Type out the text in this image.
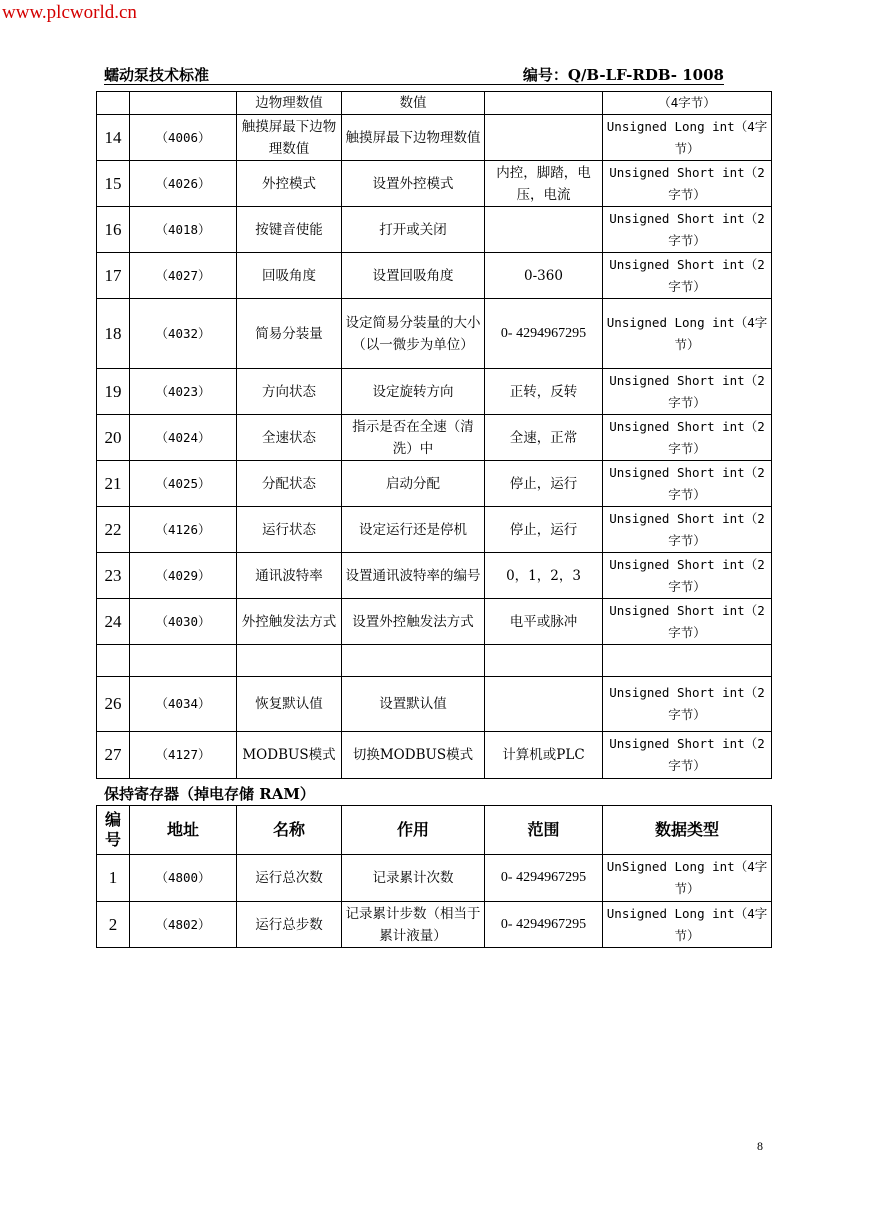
www.plcworld.cn
蠕动泵技术标准	编号：Q/B-LF-RDB- 1008
		边物理数值	数值		（4字节）
14	（4006）	触摸屏最下边物理数值	触摸屏最下边物理数值		Unsigned Long int（4字节）
15	（4026）	外控模式	设置外控模式	内控，脚踏，电压，电流	Unsigned Short int（2字节）
16	（4018）	按键音使能	打开或关闭		Unsigned Short int（2字节）
17	（4027）	回吸角度	设置回吸角度	0-360	Unsigned Short int（2字节）
18	（4032）	简易分装量	设定简易分装量的大小（以一微步为单位）	0- 4294967295	Unsigned Long int（4字节）
19	（4023）	方向状态	设定旋转方向	正转，反转	Unsigned Short int（2字节）
20	（4024）	全速状态	指示是否在全速（清洗）中	全速，正常	Unsigned Short int（2字节）
21	（4025）	分配状态	启动分配	停止，运行	Unsigned Short int（2字节）
22	（4126）	运行状态	设定运行还是停机	停止，运行	Unsigned Short int（2字节）
23	（4029）	通讯波特率	设置通讯波特率的编号	0，1，2，3	Unsigned Short int（2字节）
24	（4030）	外控触发法方式	设置外控触发法方式	电平或脉冲	Unsigned Short int（2字节）

26	（4034）	恢复默认值	设置默认值		Unsigned Short int（2字节）
27	（4127）	MODBUS模式	切换MODBUS模式	计算机或PLC	Unsigned Short int（2字节）
保持寄存器（掉电存储 RAM）
编号	地址	名称	作用	范围	数据类型
1	（4800）	运行总次数	记录累计次数	0- 4294967295	UnSigned Long int（4字节）
2	（4802）	运行总步数	记录累计步数（相当于累计液量）	0- 4294967295	Unsigned Long int（4字节）
8
